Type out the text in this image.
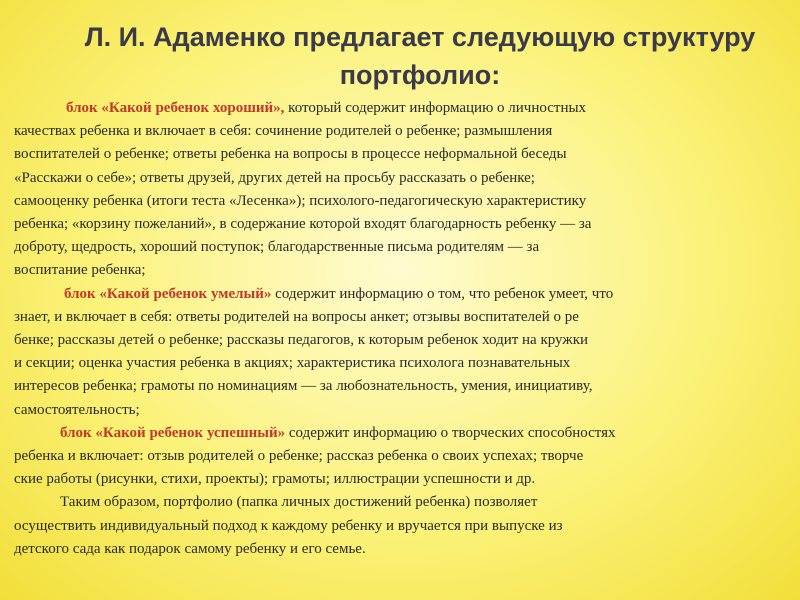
Л. И. Адаменко предлагает следующую структуру
портфолио:
блок «Какой ребенок хороший», который содержит информацию о личностных
качествах ребенка и включает в себя: сочинение родителей о ребенке; размышления
воспитателей о ребенке; ответы ребенка на вопросы в процессе неформальной беседы
«Расскажи о себе»; ответы друзей, других детей на просьбу рассказать о ребенке;
самооценку ребенка (итоги теста «Лесенка»); психолого-педагогическую характеристику
ребенка; «корзину пожеланий», в содержание которой входят благодарность ребенку — за
доброту, щедрость, хороший поступок; благодарственные письма родителям — за
воспитание ребенка;
блок «Какой ребенок умелый» содержит информацию о том, что ребенок умеет, что
знает, и включает в себя: ответы родителей на вопросы анкет; отзывы воспитателей о ре
бенке; рассказы детей о ребенке; рассказы педагогов, к которым ребенок ходит на кружки
и секции; оценка участия ребенка в акциях; характеристика психолога познавательных
интересов ребенка; грамоты по номинациям — за любознательность, умения, инициативу,
самостоятельность;
блок «Какой ребенок успешный» содержит информацию о творческих способностях
ребенка и включает: отзыв родителей о ребенке; рассказ ребенка о своих успехах; творче
ские работы (рисунки, стихи, проекты); грамоты; иллюстрации успешности и др.
Таким образом, портфолио (папка личных достижений ребенка) позволяет
осуществить индивидуальный подход к каждому ребенку и вручается при выпуске из
детского сада как подарок самому ребенку и его семье.
